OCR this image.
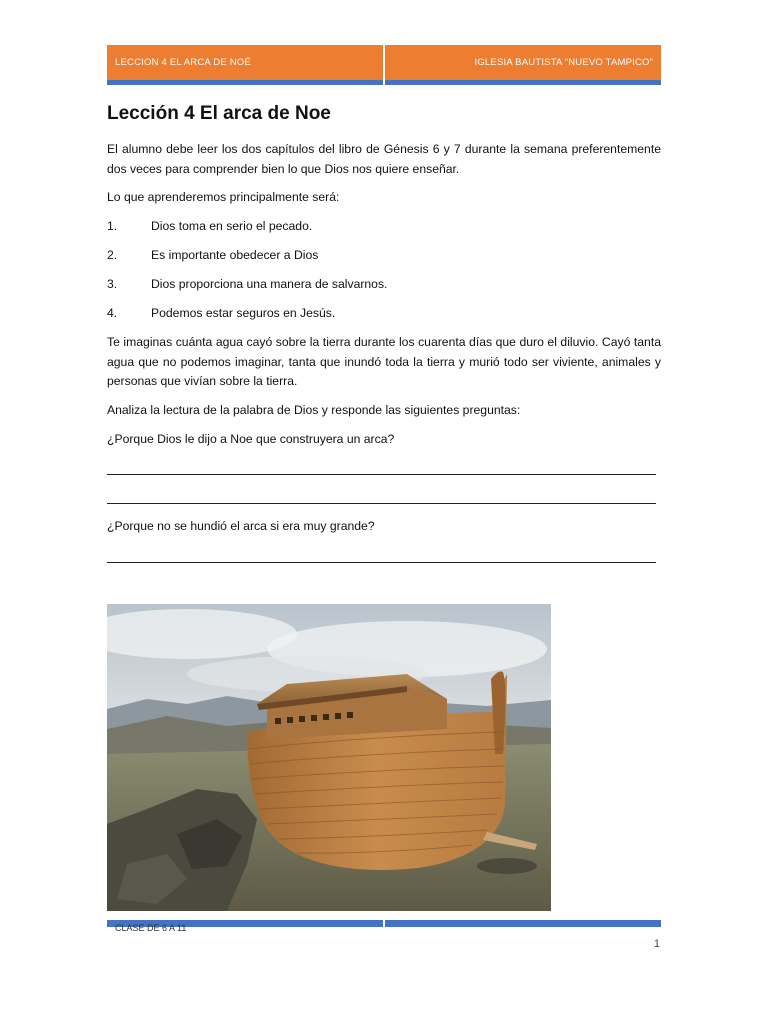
LECCION 4 EL ARCA DE NOÉ	IGLESIA BAUTISTA “NUEVO TAMPICO”
Lección 4 El arca de Noe
El alumno debe leer los dos capítulos del libro de Génesis 6 y 7 durante la semana preferentemente dos veces para comprender bien lo que Dios nos quiere enseñar.
Lo que aprenderemos principalmente será:
1.	Dios toma en serio el pecado.
2.	Es importante obedecer a Dios
3.	Dios proporciona una manera de salvarnos.
4.	Podemos estar seguros en Jesús.
Te imaginas cuánta agua cayó sobre la tierra durante los cuarenta días que duro el diluvio. Cayó tanta agua que no podemos imaginar, tanta que inundó toda la tierra y murió todo ser viviente, animales y personas que vivían sobre la tierra.
Analiza la lectura de la palabra de Dios y responde las siguientes preguntas:
¿Porque Dios le dijo a Noe que construyera un arca?
¿Porque no se hundió el arca si era muy grande?
CLASE DE 6 A 11
1
